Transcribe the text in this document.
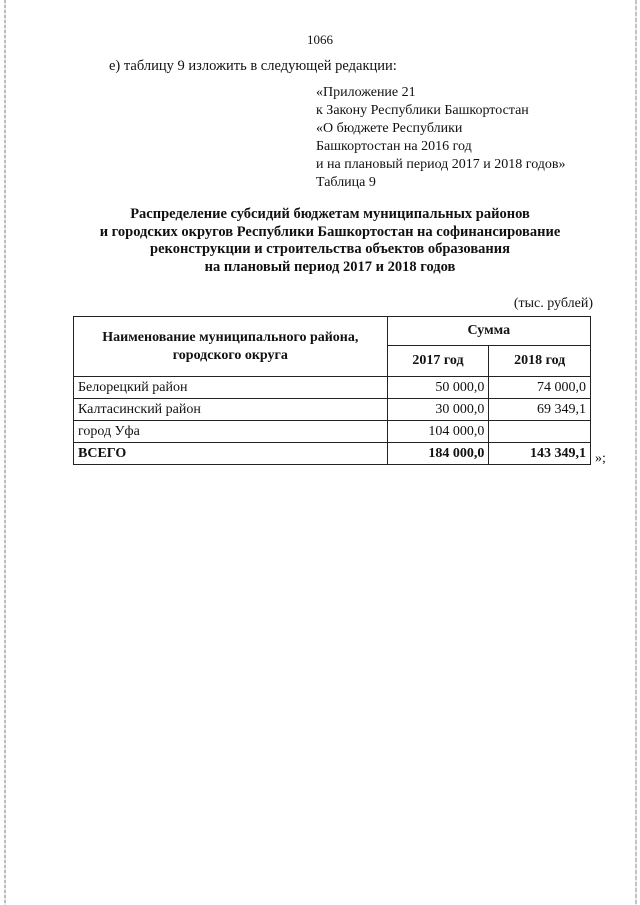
1066
е) таблицу 9 изложить в следующей редакции:
«Приложение 21
к Закону Республики Башкортостан
«О бюджете Республики
Башкортостан на 2016 год
и на плановый период 2017 и 2018 годов»
Таблица 9
Распределение субсидий бюджетам муниципальных районов
и городских округов Республики Башкортостан на софинансирование
реконструкции и строительства объектов образования
на плановый период 2017 и 2018 годов
(тыс. рублей)
Наименование муниципального района, городского округа	Сумма	
	2017 год	2018 год
Белорецкий район	50 000,0	74 000,0
Калтасинский район	30 000,0	69 349,1
город Уфа	104 000,0	
ВСЕГО	184 000,0	143 349,1 »;
